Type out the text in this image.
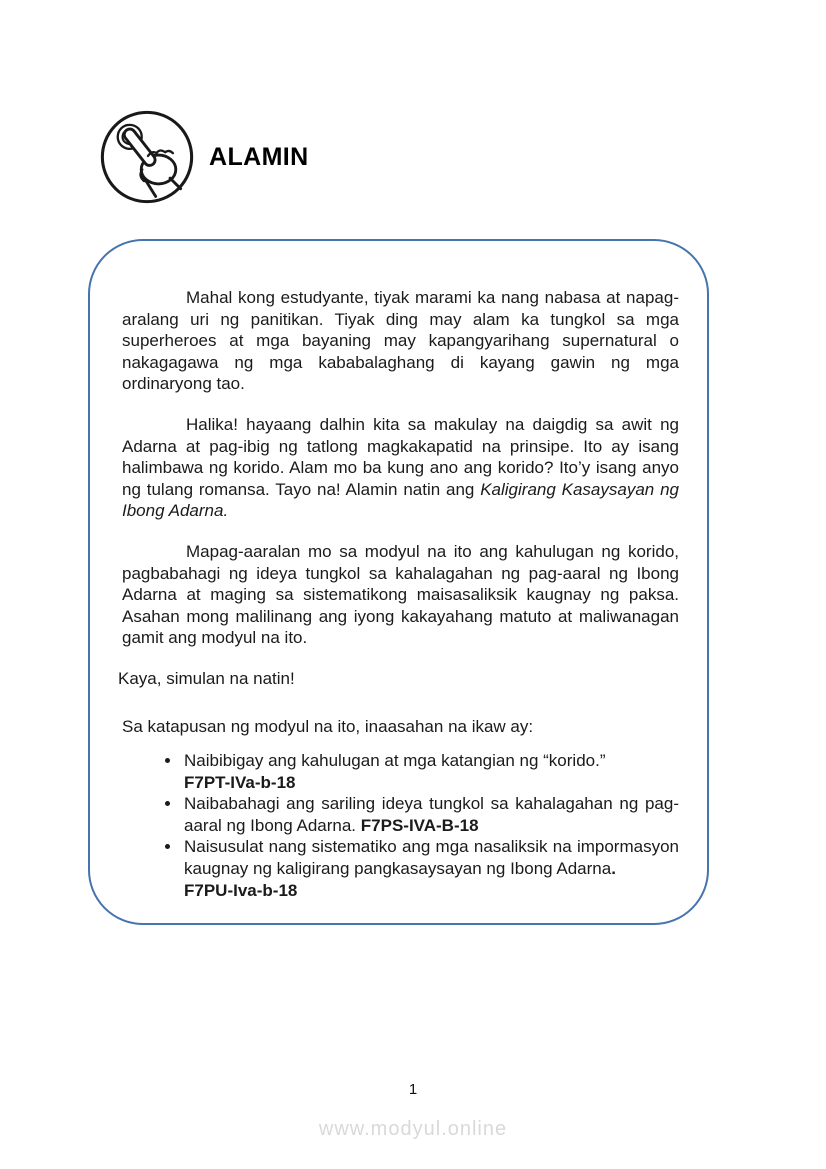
ALAMIN

Mahal kong estudyante, tiyak marami ka nang nabasa at napag-aralang uri ng panitikan. Tiyak ding may alam ka tungkol sa mga superheroes at mga bayaning may kapangyarihang supernatural o nakagagawa ng mga kababalaghang di kayang gawin ng mga ordinaryong tao.

Halika! hayaang dalhin kita sa makulay na daigdig sa awit ng Adarna at pag-ibig ng tatlong magkakapatid na prinsipe. Ito ay isang halimbawa ng korido. Alam mo ba kung ano ang korido? Ito’y isang anyo ng tulang romansa. Tayo na! Alamin natin ang Kaligirang Kasaysayan ng Ibong Adarna.

Mapag-aaralan mo sa modyul na ito ang kahulugan ng korido, pagbabahagi ng ideya tungkol sa kahalagahan ng pag-aaral ng Ibong Adarna at maging sa sistematikong maisasaliksik kaugnay ng paksa. Asahan mong malilinang ang iyong kakayahang matuto at maliwanagan gamit ang modyul na ito.

Kaya, simulan na natin!

Sa katapusan ng modyul na ito, inaasahan na ikaw ay:

• Naibibigay ang kahulugan at mga katangian ng “korido.”
F7PT-IVa-b-18
• Naibabahagi ang sariling ideya tungkol sa kahalagahan ng pag-aaral ng Ibong Adarna. F7PS-IVA-B-18
• Naisusulat nang sistematiko ang mga nasaliksik na impormasyon kaugnay ng kaligirang pangkasaysayan ng Ibong Adarna.
F7PU-Iva-b-18
1
www.modyul.online
